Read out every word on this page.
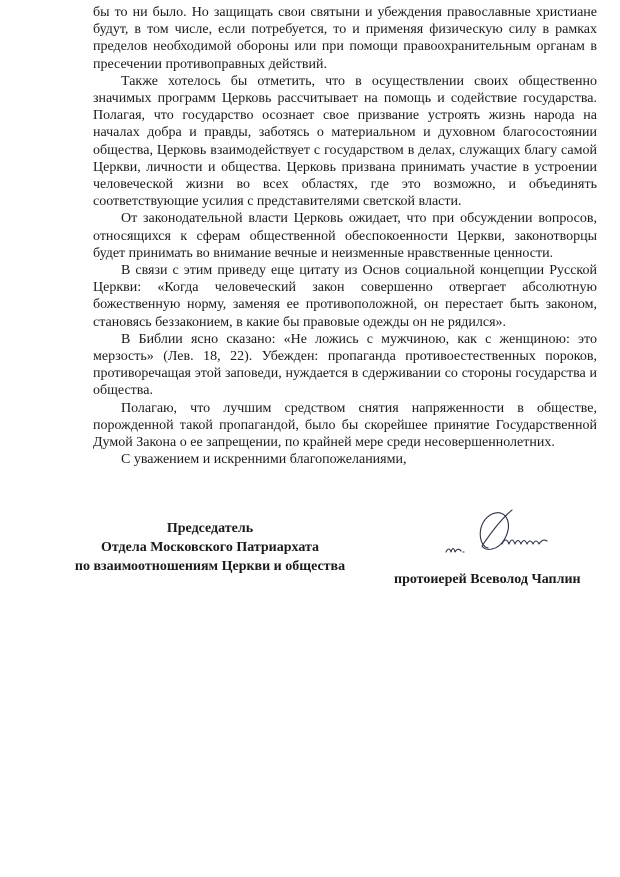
бы то ни было. Но защищать свои святыни и убеждения православные христиане будут, в том числе, если потребуется, то и применяя физическую силу в рамках пределов необходимой обороны или при помощи правоохранительным органам в пресечении противоправных действий.

Также хотелось бы отметить, что в осуществлении своих общественно значимых программ Церковь рассчитывает на помощь и содействие государства. Полагая, что государство осознает свое призвание устроять жизнь народа на началах добра и правды, заботясь о материальном и духовном благосостоянии общества, Церковь взаимодействует с государством в делах, служащих благу самой Церкви, личности и общества. Церковь призвана принимать участие в устроении человеческой жизни во всех областях, где это возможно, и объединять соответствующие усилия с представителями светской власти.

От законодательной власти Церковь ожидает, что при обсуждении вопросов, относящихся к сферам общественной обеспокоенности Церкви, законотворцы будет принимать во внимание вечные и неизменные нравственные ценности.

В связи с этим приведу еще цитату из Основ социальной концепции Русской Церкви: «Когда человеческий закон совершенно отвергает абсолютную божественную норму, заменяя ее противоположной, он перестает быть законом, становясь беззаконием, в какие бы правовые одежды он не рядился».

В Библии ясно сказано: «Не ложись с мужчиною, как с женщиною: это мерзость» (Лев. 18, 22). Убежден: пропаганда противоестественных пороков, противоречащая этой заповеди, нуждается в сдерживании со стороны государства и общества.

Полагаю, что лучшим средством снятия напряженности в обществе, порожденной такой пропагандой, было бы скорейшее принятие Государственной Думой Закона о ее запрещении, по крайней мере среди несовершеннолетних.

С уважением и искренними благопожеланиями,

Председатель
Отдела Московского Патриархата
по взаимоотношениям Церкви и общества
протоиерей Всеволод Чаплин
